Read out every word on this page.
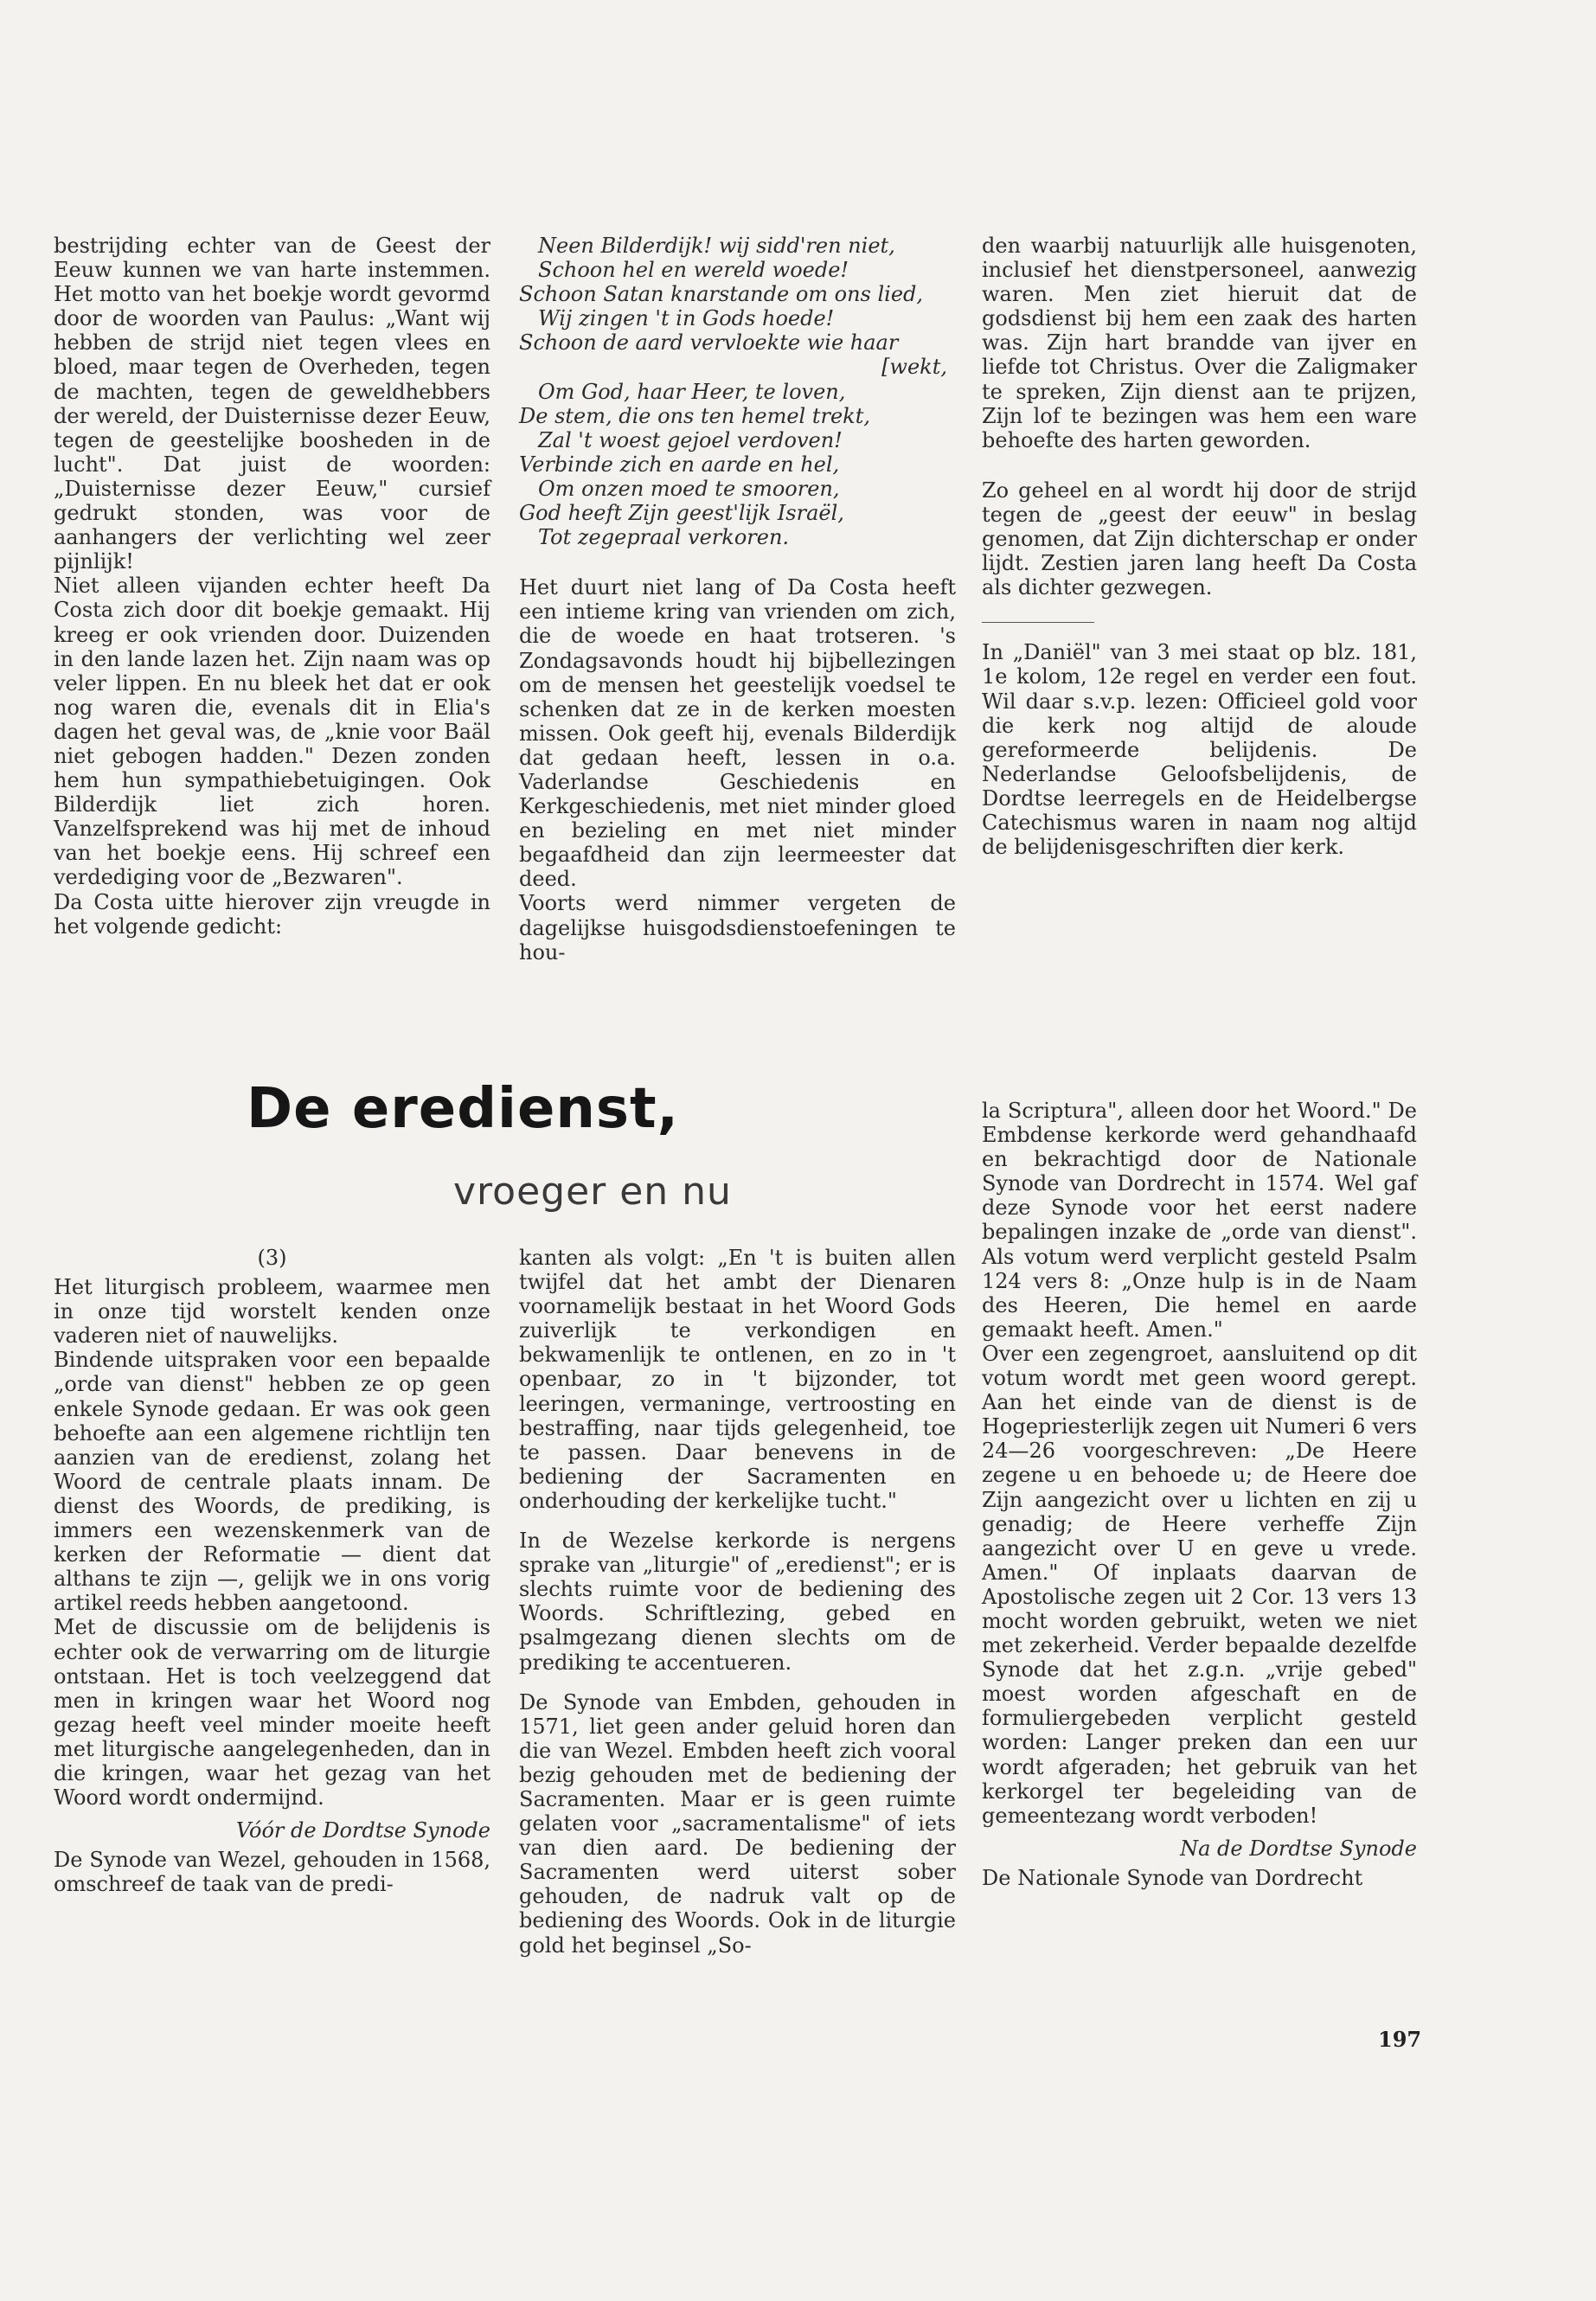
bestrijding echter van de Geest der Eeuw kunnen we van harte instemmen. Het motto van het boekje wordt gevormd door de woorden van Paulus: „Want wij hebben de strijd niet tegen vlees en bloed, maar tegen de Overheden, tegen de machten, tegen de geweldhebbers der wereld, der Duisternisse dezer Eeuw, tegen de geestelijke boosheden in de lucht". Dat juist de woorden: „Duisternisse dezer Eeuw," cursief gedrukt stonden, was voor de aanhangers der verlichting wel zeer pijnlijk!

Niet alleen vijanden echter heeft Da Costa zich door dit boekje gemaakt. Hij kreeg er ook vrienden door. Duizenden in den lande lazen het. Zijn naam was op veler lippen. En nu bleek het dat er ook nog waren die, evenals dit in Elia's dagen het geval was, de „knie voor Baäl niet gebogen hadden." Dezen zonden hem hun sympathiebetuigingen. Ook Bilderdijk liet zich horen. Vanzelfsprekend was hij met de inhoud van het boekje eens. Hij schreef een verdediging voor de „Bezwaren".

Da Costa uitte hierover zijn vreugde in het volgende gedicht:

Neen Bilderdijk! wij sidd'ren niet,

Schoon hel en wereld woede!

Schoon Satan knarstande om ons lied,

Wij zingen 't in Gods hoede!

Schoon de aard vervloekte wie haar

[wekt,

Om God, haar Heer, te loven,

De stem, die ons ten hemel trekt,

Zal 't woest gejoel verdoven!

Verbinde zich en aarde en hel,

Om onzen moed te smooren,

God heeft Zijn geest'lijk Israël,

Tot zegepraal verkoren.

Het duurt niet lang of Da Costa heeft een intieme kring van vrienden om zich, die de woede en haat trotseren. 's Zondagsavonds houdt hij bijbellezingen om de mensen het geestelijk voedsel te schenken dat ze in de kerken moesten missen. Ook geeft hij, evenals Bilderdijk dat gedaan heeft, lessen in o.a. Vaderlandse Geschiedenis en Kerkgeschiedenis, met niet minder gloed en bezieling en met niet minder begaafdheid dan zijn leermeester dat deed.

Voorts werd nimmer vergeten de dagelijkse huisgodsdienstoefeningen te hou-

den waarbij natuurlijk alle huisgenoten, inclusief het dienstpersoneel, aanwezig waren. Men ziet hieruit dat de godsdienst bij hem een zaak des harten was. Zijn hart brandde van ijver en liefde tot Christus. Over die Zaligmaker te spreken, Zijn dienst aan te prijzen, Zijn lof te bezingen was hem een ware behoefte des harten geworden.

Zo geheel en al wordt hij door de strijd tegen de „geest der eeuw" in beslag genomen, dat Zijn dichterschap er onder lijdt. Zestien jaren lang heeft Da Costa als dichter gezwegen.

In „Daniël" van 3 mei staat op blz. 181, 1e kolom, 12e regel en verder een fout. Wil daar s.v.p. lezen: Officieel gold voor die kerk nog altijd de aloude gereformeerde belijdenis. De Nederlandse Geloofsbelijdenis, de Dordtse leerregels en de Heidelbergse Catechismus waren in naam nog altijd de belijdenisgeschriften dier kerk.

De eredienst,
vroeger en nu

(3)

Het liturgisch probleem, waarmee men in onze tijd worstelt kenden onze vaderen niet of nauwelijks.

Bindende uitspraken voor een bepaalde „orde van dienst" hebben ze op geen enkele Synode gedaan. Er was ook geen behoefte aan een algemene richtlijn ten aanzien van de eredienst, zolang het Woord de centrale plaats innam. De dienst des Woords, de prediking, is immers een wezenskenmerk van de kerken der Reformatie — dient dat althans te zijn —, gelijk we in ons vorig artikel reeds hebben aangetoond.

Met de discussie om de belijdenis is echter ook de verwarring om de liturgie ontstaan. Het is toch veelzeggend dat men in kringen waar het Woord nog gezag heeft veel minder moeite heeft met liturgische aangelegenheden, dan in die kringen, waar het gezag van het Woord wordt ondermijnd.

Vóór de Dordtse Synode

De Synode van Wezel, gehouden in 1568, omschreef de taak van de predi-

kanten als volgt: „En 't is buiten allen twijfel dat het ambt der Dienaren voornamelijk bestaat in het Woord Gods zuiverlijk te verkondigen en bekwamenlijk te ontlenen, en zo in 't openbaar, zo in 't bijzonder, tot leeringen, vermaninge, vertroosting en bestraffing, naar tijds gelegenheid, toe te passen. Daar benevens in de bediening der Sacramenten en onderhouding der kerkelijke tucht."

In de Wezelse kerkorde is nergens sprake van „liturgie" of „eredienst"; er is slechts ruimte voor de bediening des Woords. Schriftlezing, gebed en psalmgezang dienen slechts om de prediking te accentueren.

De Synode van Embden, gehouden in 1571, liet geen ander geluid horen dan die van Wezel. Embden heeft zich vooral bezig gehouden met de bediening der Sacramenten. Maar er is geen ruimte gelaten voor „sacramentalisme" of iets van dien aard. De bediening der Sacramenten werd uiterst sober gehouden, de nadruk valt op de bediening des Woords. Ook in de liturgie gold het beginsel „So-

la Scriptura", alleen door het Woord." De Embdense kerkorde werd gehandhaafd en bekrachtigd door de Nationale Synode van Dordrecht in 1574. Wel gaf deze Synode voor het eerst nadere bepalingen inzake de „orde van dienst". Als votum werd verplicht gesteld Psalm 124 vers 8: „Onze hulp is in de Naam des Heeren, Die hemel en aarde gemaakt heeft. Amen."

Over een zegengroet, aansluitend op dit votum wordt met geen woord gerept. Aan het einde van de dienst is de Hogepriesterlijk zegen uit Numeri 6 vers 24—26 voorgeschreven: „De Heere zegene u en behoede u; de Heere doe Zijn aangezicht over u lichten en zij u genadig; de Heere verheffe Zijn aangezicht over U en geve u vrede. Amen." Of inplaats daarvan de Apostolische zegen uit 2 Cor. 13 vers 13 mocht worden gebruikt, weten we niet met zekerheid. Verder bepaalde dezelfde Synode dat het z.g.n. „vrije gebed" moest worden afgeschaft en de formuliergebeden verplicht gesteld worden: Langer preken dan een uur wordt afgeraden; het gebruik van het kerkorgel ter begeleiding van de gemeentezang wordt verboden!

Na de Dordtse Synode

De Nationale Synode van Dordrecht

197
